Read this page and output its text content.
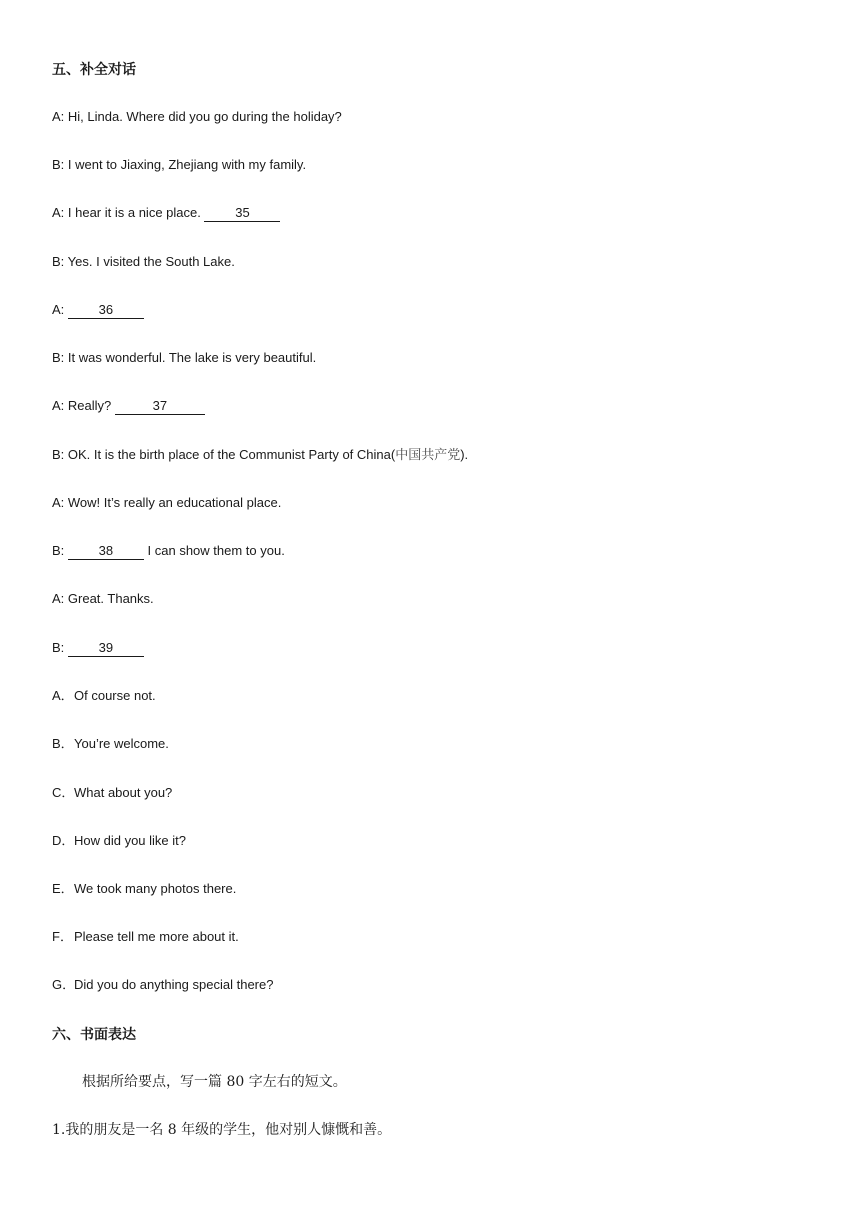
五、补全对话
A: Hi, Linda. Where did you go during the holiday?
B: I went to Jiaxing, Zhejiang with my family.
A: I hear it is a nice place. 35
B: Yes. I visited the South Lake.
A: 36
B: It was wonderful. The lake is very beautiful.
A: Really?	37
B: OK. It is the birth place of the Communist Party of China(中国共产党).
A: Wow! It’s really an educational place.
B: 38 I can show them to you.
A: Great. Thanks.
B: 39
A．Of course not.
B．You’re welcome.
C．What about you?
D．How did you like it?
E．We took many photos there.
F．Please tell me more about it.
G．Did you do anything special there?
六、书面表达
根据所给要点，写一篇 80 字左右的短文。
1.我的朋友是一名 8 年级的学生，他对别人慷慨和善。
